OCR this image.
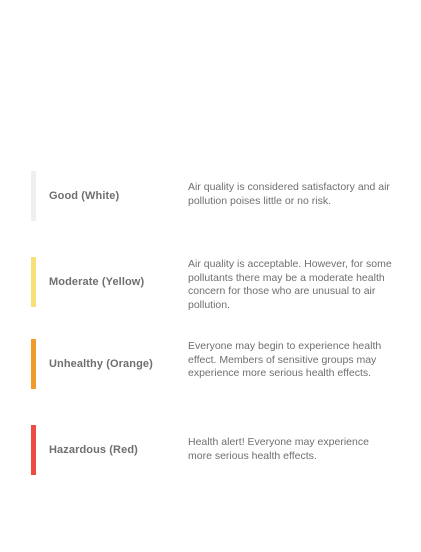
Good (White)
Air quality is considered satisfactory and air pollution poises little or no risk.
Moderate (Yellow)
Air quality is acceptable. However, for some pollutants there may be a moderate health concern for those who are unusual to air pollution.
Unhealthy (Orange)
Everyone may begin to experience health effect. Members of sensitive groups may experience more serious health effects.
Hazardous (Red)
Health alert! Everyone may experience more serious health effects.
